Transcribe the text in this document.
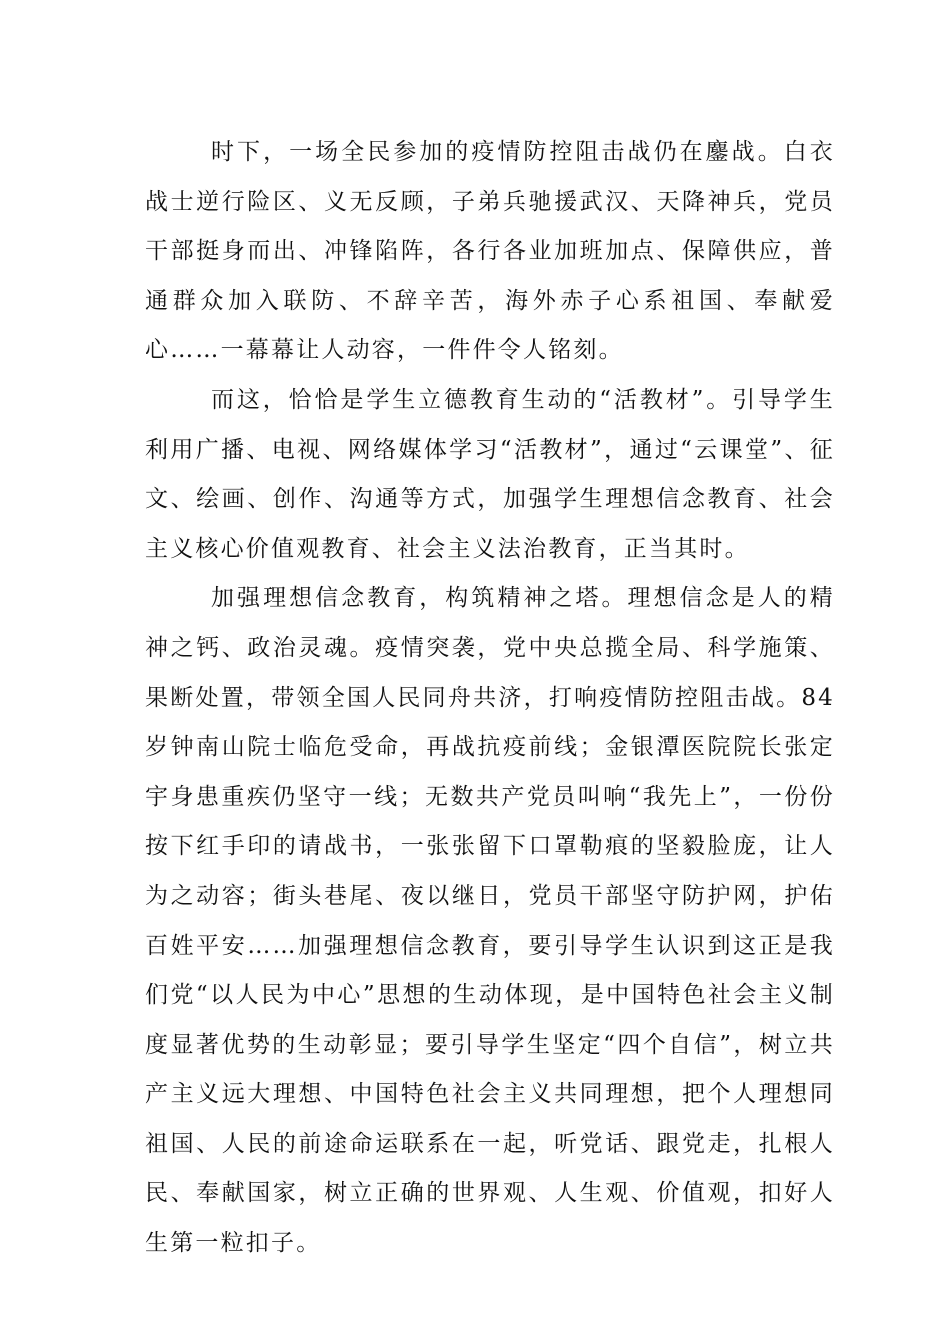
时下，一场全民参加的疫情防控阻击战仍在鏖战。白衣战士逆行险区、义无反顾，子弟兵驰援武汉、天降神兵，党员干部挺身而出、冲锋陷阵，各行各业加班加点、保障供应，普通群众加入联防、不辞辛苦，海外赤子心系祖国、奉献爱心……一幕幕让人动容，一件件令人铭刻。

而这，恰恰是学生立德教育生动的“活教材”。引导学生利用广播、电视、网络媒体学习“活教材”，通过“云课堂”、征文、绘画、创作、沟通等方式，加强学生理想信念教育、社会主义核心价值观教育、社会主义法治教育，正当其时。

加强理想信念教育，构筑精神之塔。理想信念是人的精神之钙、政治灵魂。疫情突袭，党中央总揽全局、科学施策、果断处置，带领全国人民同舟共济，打响疫情防控阻击战。84岁钟南山院士临危受命，再战抗疫前线；金银潭医院院长张定宇身患重疾仍坚守一线；无数共产党员叫响“我先上”，一份份按下红手印的请战书，一张张留下口罩勒痕的坚毅脸庞，让人为之动容；街头巷尾、夜以继日，党员干部坚守防护网，护佑百姓平安……加强理想信念教育，要引导学生认识到这正是我们党“以人民为中心”思想的生动体现，是中国特色社会主义制度显著优势的生动彰显；要引导学生坚定“四个自信”，树立共产主义远大理想、中国特色社会主义共同理想，把个人理想同祖国、人民的前途命运联系在一起，听党话、跟党走，扎根人民、奉献国家，树立正确的世界观、人生观、价值观，扣好人生第一粒扣子。
